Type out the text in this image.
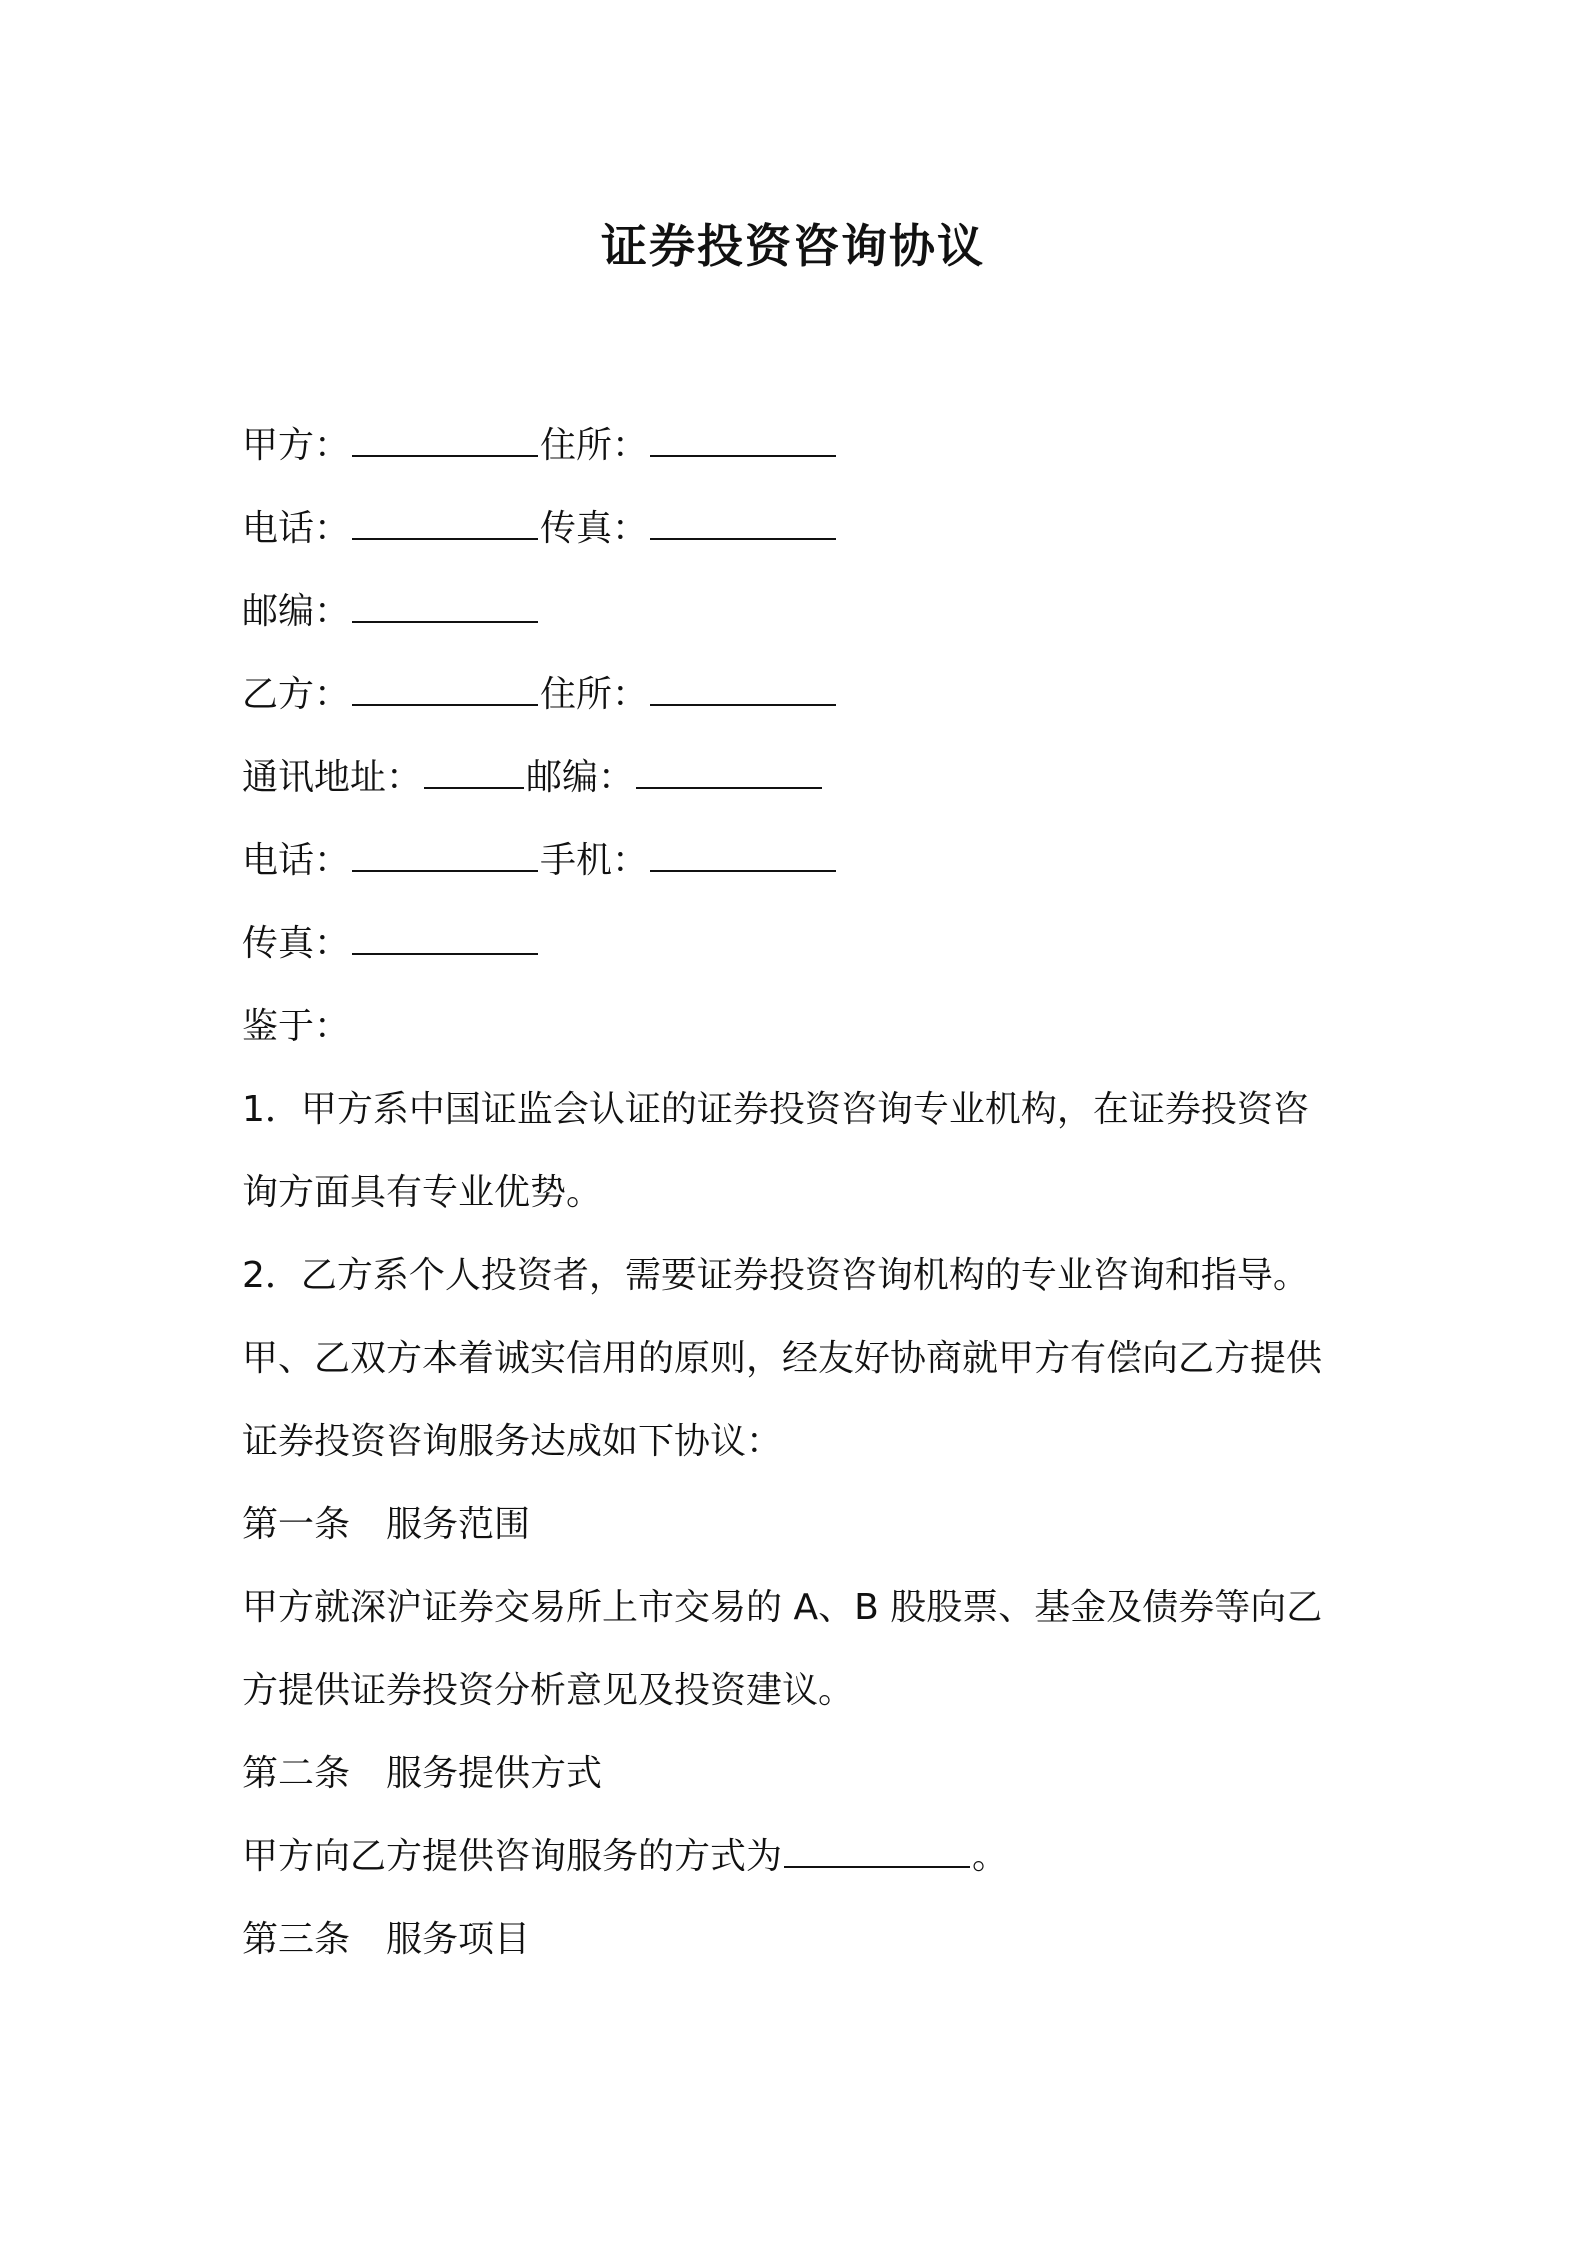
证券投资咨询协议
甲方：	住所：
电话：	传真：
邮编：
乙方：	住所：
通讯地址：	邮编：
电话：	手机：
传真：
鉴于：
1．甲方系中国证监会认证的证券投资咨询专业机构，在证券投资咨
询方面具有专业优势。
2．乙方系个人投资者，需要证券投资咨询机构的专业咨询和指导。
甲、乙双方本着诚实信用的原则，经友好协商就甲方有偿向乙方提供
证券投资咨询服务达成如下协议：
第一条 服务范围
甲方就深沪证券交易所上市交易的 A、B 股股票、基金及债券等向乙
方提供证券投资分析意见及投资建议。
第二条 服务提供方式
甲方向乙方提供咨询服务的方式为	。
第三条 服务项目
